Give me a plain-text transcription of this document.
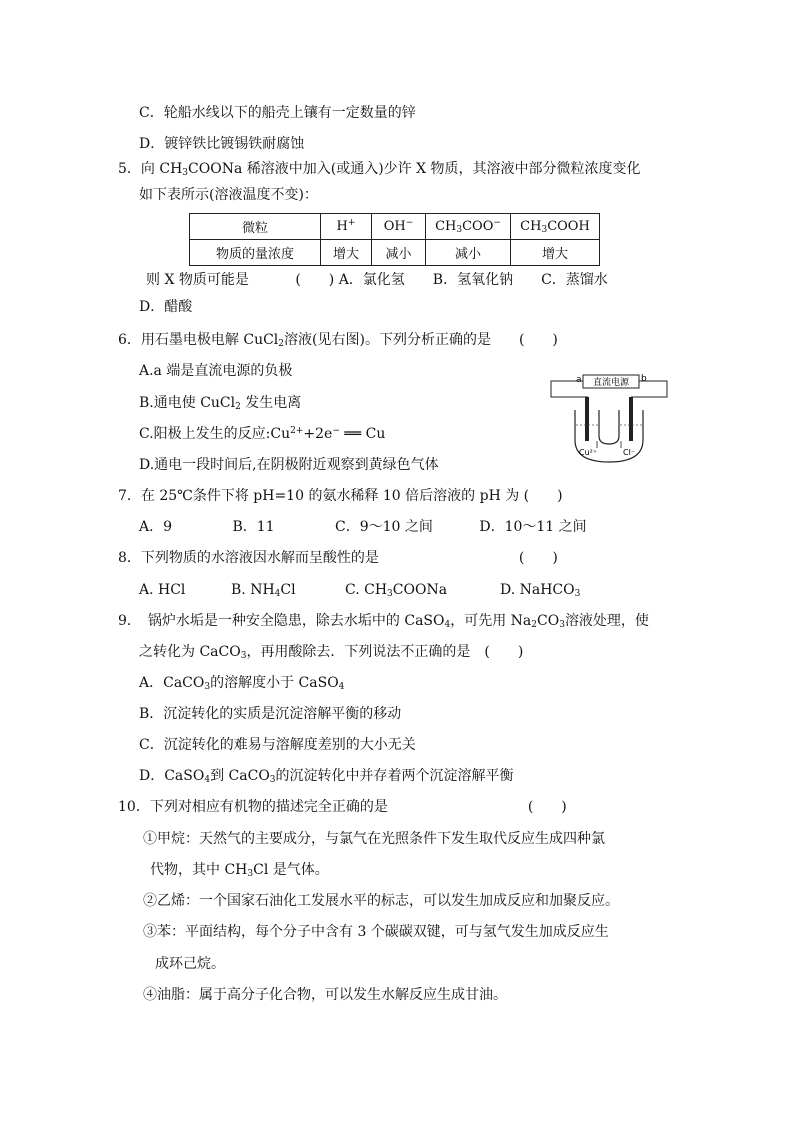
C．轮船水线以下的船壳上镶有一定数量的锌
D．镀锌铁比镀锡铁耐腐蚀
5．向 $CH_3COONa$ 稀溶液中加入(或通入)少许 X 物质，其溶液中部分微粒浓度变化
如下表所示(溶液温度不变)：
微粒	H+	OH−	$CH_3COO^-$	$CH_3COOH$
物质的量浓度	增大	减小	减小	增大
则 X 物质可能是　　　 (　　) A．氯化氢　　B．氢氧化钠　　C．蒸馏水
D．醋酸
6．用石墨电极电解 CuCl$_2$溶液(见右图)。下列分析正确的是　　(　　)
A.a 端是直流电源的负极
B.通电使 CuCl$_2$ 发生电离
C.阳极上发生的反应$:Cu^{2+}+2e^-$ ══ Cu
D.通电一段时间后,在阴极附近观察到黄绿色气体
直流电源
a	b
Cu²⁺	Cl⁻
7．在 25℃条件下将 pH=10 的氨水稀释 10 倍后溶液的 pH 为 (　　)
A．9　　　　 B．11　　　　 C．9～10 之间　　　 D．10～11 之间
8．下列物质的水溶液因水解而呈酸性的是　　　　　　　　　　(　　)
A. HCl	B. $NH_4Cl$	C. $CH_3COONa$	D. NaHCO$_3$
9．　锅炉水垢是一种安全隐患，除去水垢中的 CaSO$_4$，可先用 $Na_2CO_3$溶液处理，使
之转化为 CaCO$_3$，再用酸除去．下列说法不正确的是　(　　)
A．CaCO$_3$的溶解度小于 CaSO$_4$
B．沉淀转化的实质是沉淀溶解平衡的移动
C．沉淀转化的难易与溶解度差别的大小无关
D．CaSO$_4$到 CaCO$_3$的沉淀转化中并存着两个沉淀溶解平衡
10．下列对相应有机物的描述完全正确的是　　　　　　　　　　(　　)
①甲烷：天然气的主要成分，与氯气在光照条件下发生取代反应生成四种氯
代物，其中 $CH_3Cl$ 是气体。
②乙烯：一个国家石油化工发展水平的标志，可以发生加成反应和加聚反应。
③苯：平面结构，每个分子中含有 3 个碳碳双键，可与氢气发生加成反应生
成环己烷。
④油脂：属于高分子化合物，可以发生水解反应生成甘油。
